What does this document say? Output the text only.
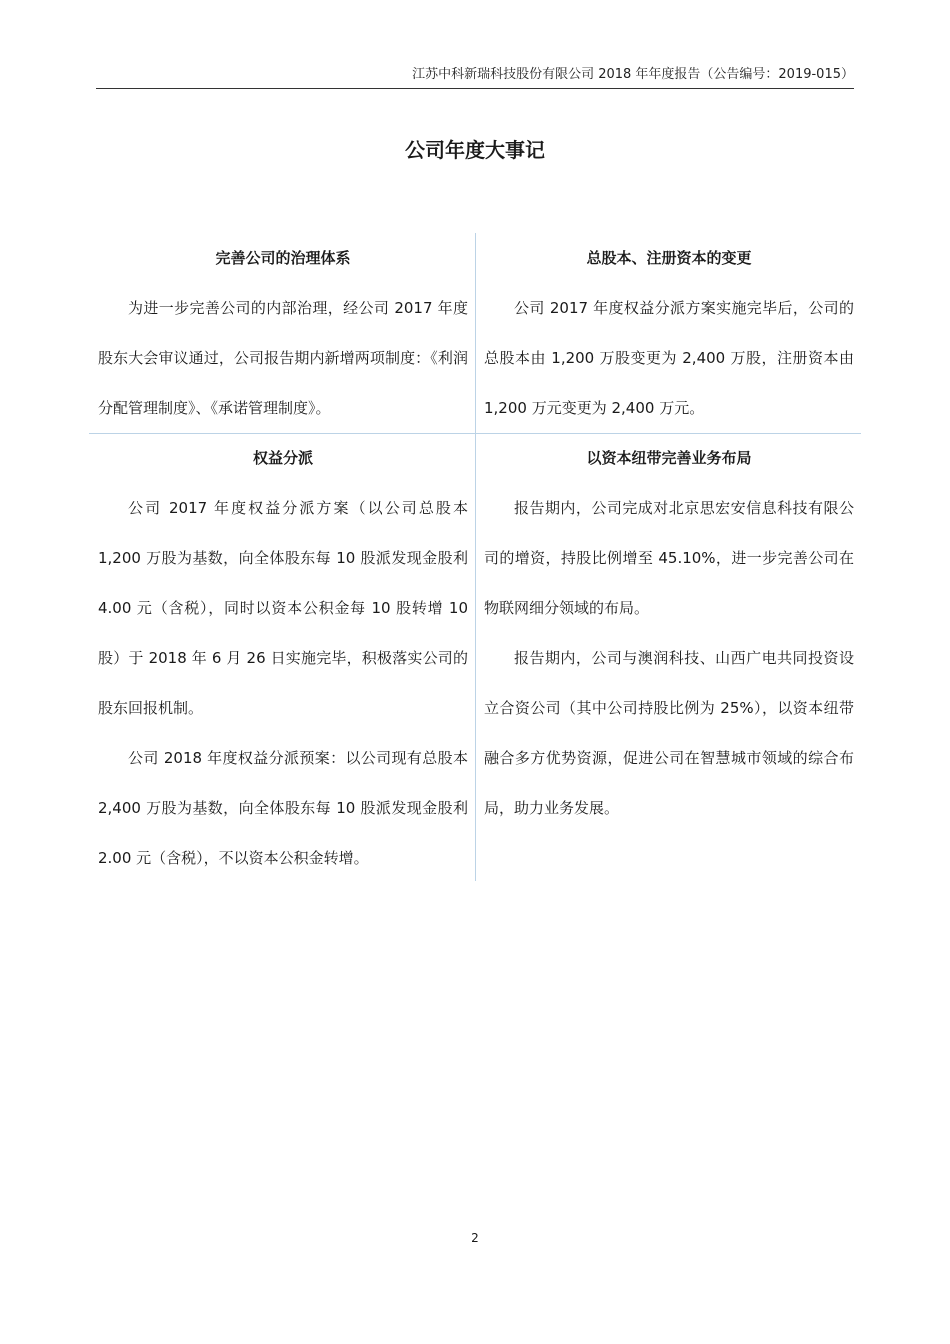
江苏中科新瑞科技股份有限公司 2018 年年度报告（公告编号：2019-015）
公司年度大事记
完善公司的治理体系

为进一步完善公司的内部治理，经公司 2017 年度股东大会审议通过，公司报告期内新增两项制度：《利润分配管理制度》、《承诺管理制度》。

总股本、注册资本的变更

公司 2017 年度权益分派方案实施完毕后，公司的总股本由 1,200 万股变更为 2,400 万股，注册资本由 1,200 万元变更为 2,400 万元。

权益分派

公司 2017 年度权益分派方案（以公司总股本 1,200 万股为基数，向全体股东每 10 股派发现金股利 4.00 元（含税），同时以资本公积金每 10 股转增 10 股）于 2018 年 6 月 26 日实施完毕，积极落实公司的股东回报机制。

公司 2018 年度权益分派预案：以公司现有总股本 2,400 万股为基数，向全体股东每 10 股派发现金股利 2.00 元（含税），不以资本公积金转增。

以资本纽带完善业务布局

报告期内，公司完成对北京思宏安信息科技有限公司的增资，持股比例增至 45.10%，进一步完善公司在物联网细分领域的布局。

报告期内，公司与澳润科技、山西广电共同投资设立合资公司（其中公司持股比例为 25%），以资本纽带融合多方优势资源，促进公司在智慧城市领域的综合布局，助力业务发展。

2
